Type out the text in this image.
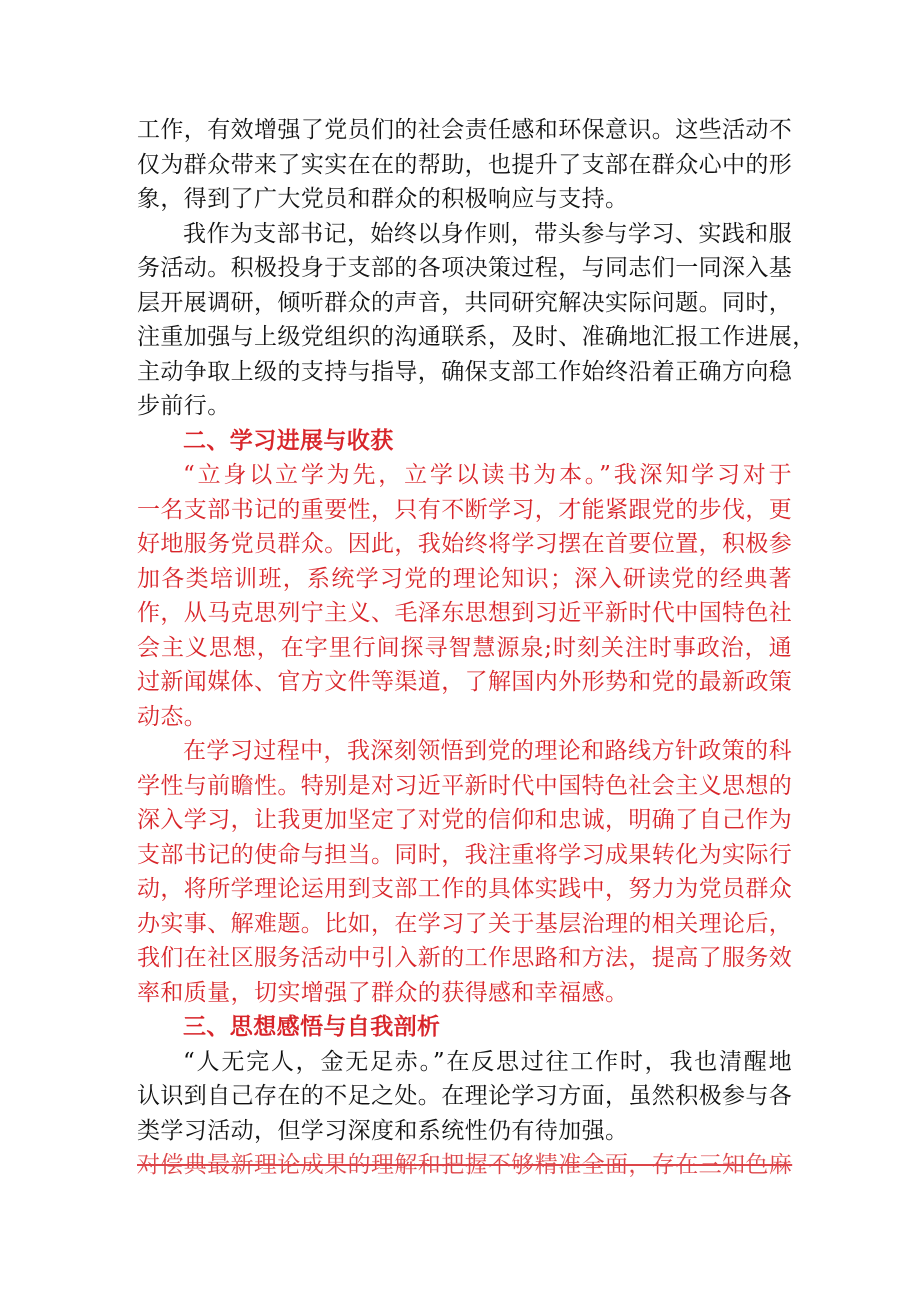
工作，有效增强了党员们的社会责任感和环保意识。这些活动不
仅为群众带来了实实在在的帮助，也提升了支部在群众心中的形
象，得到了广大党员和群众的积极响应与支持。
我作为支部书记，始终以身作则，带头参与学习、实践和服
务活动。积极投身于支部的各项决策过程，与同志们一同深入基
层开展调研，倾听群众的声音，共同研究解决实际问题。同时，
注重加强与上级党组织的沟通联系，及时、准确地汇报工作进展，
主动争取上级的支持与指导，确保支部工作始终沿着正确方向稳
步前行。
二、学习进展与收获
“立身以立学为先，立学以读书为本。”我深知学习对于
一名支部书记的重要性，只有不断学习，才能紧跟党的步伐，更
好地服务党员群众。因此，我始终将学习摆在首要位置，积极参
加各类培训班，系统学习党的理论知识；深入研读党的经典著
作，从马克思列宁主义、毛泽东思想到习近平新时代中国特色社
会主义思想，在字里行间探寻智慧源泉;时刻关注时事政治，通
过新闻媒体、官方文件等渠道，了解国内外形势和党的最新政策
动态。
在学习过程中，我深刻领悟到党的理论和路线方针政策的科
学性与前瞻性。特别是对习近平新时代中国特色社会主义思想的
深入学习，让我更加坚定了对党的信仰和忠诚，明确了自己作为
支部书记的使命与担当。同时，我注重将学习成果转化为实际行
动，将所学理论运用到支部工作的具体实践中，努力为党员群众
办实事、解难题。比如，在学习了关于基层治理的相关理论后，
我们在社区服务活动中引入新的工作思路和方法，提高了服务效
率和质量，切实增强了群众的获得感和幸福感。
三、思想感悟与自我剖析
“人无完人，金无足赤。”在反思过往工作时，我也清醒地
认识到自己存在的不足之处。在理论学习方面，虽然积极参与各
类学习活动，但学习深度和系统性仍有待加强。
对偿典最新理论成果的理解和把握不够精准全面，存在三知色麻
